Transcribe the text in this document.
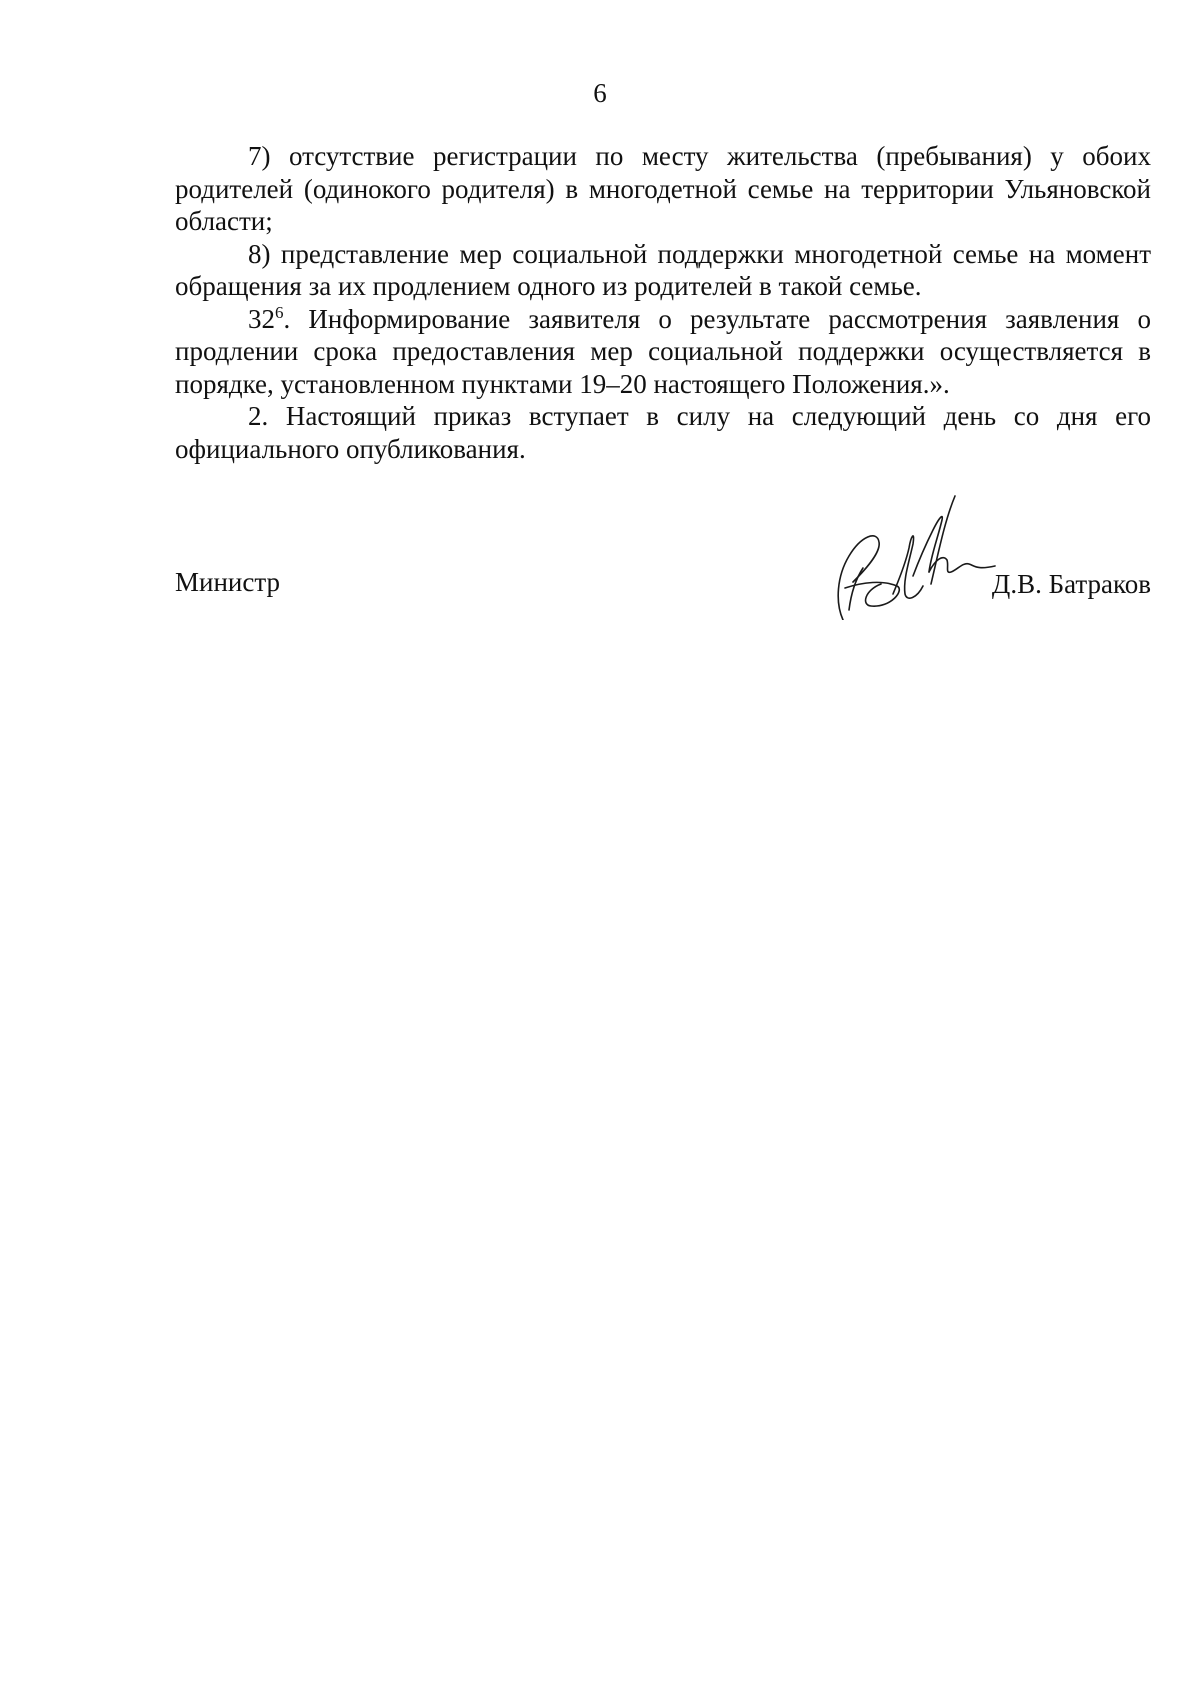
6

7) отсутствие регистрации по месту жительства (пребывания) у обоих родителей (одинокого родителя) в многодетной семье на территории Ульяновской области;

8) представление мер социальной поддержки многодетной семье на момент обращения за их продлением одного из родителей в такой семье.

$32^6$. Информирование заявителя о результате рассмотрения заявления о продлении срока предоставления мер социальной поддержки осуществляется в порядке, установленном пунктами 19–20 настоящего Положения.».

2. Настоящий приказ вступает в силу на следующий день со дня его официального опубликования.

Министр	Д.В. Батраков
